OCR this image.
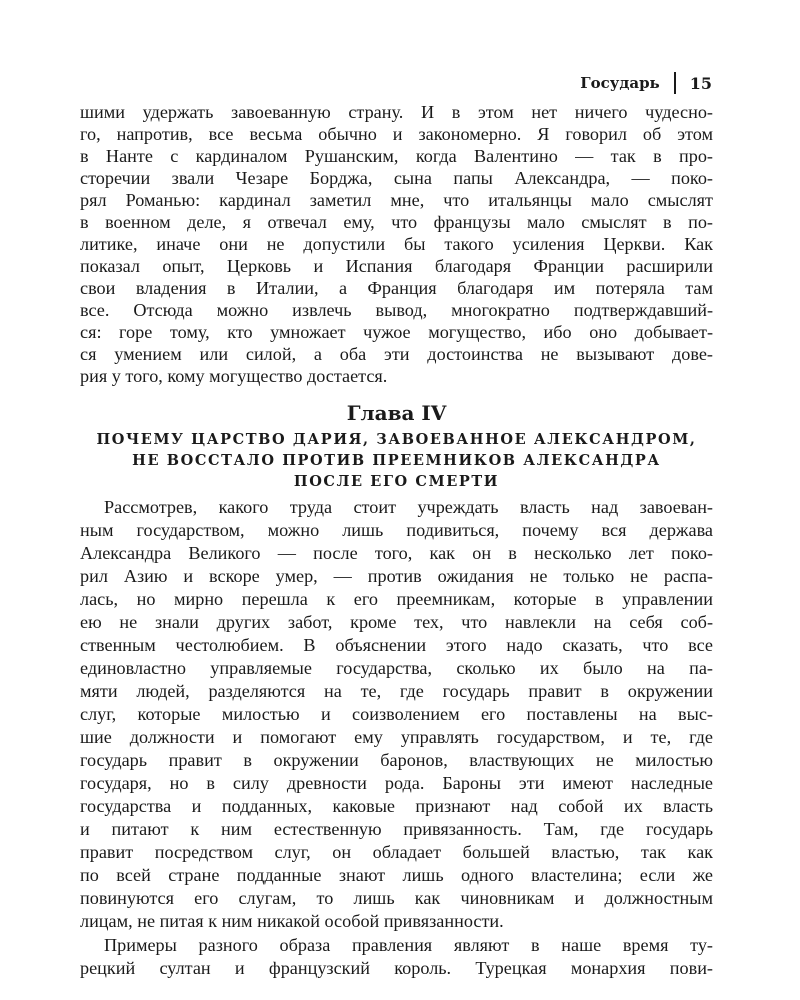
Государь 15
шими удержать завоеванную страну. И в этом нет ничего чудесно-
го, напротив, все весьма обычно и закономерно. Я говорил об этом
в Нанте с кардиналом Рушанским, когда Валентино — так в про-
сторечии звали Чезаре Борджа, сына папы Александра, — поко-
рял Романью: кардинал заметил мне, что итальянцы мало смыслят
в военном деле, я отвечал ему, что французы мало смыслят в по-
литике, иначе они не допустили бы такого усиления Церкви. Как
показал опыт, Церковь и Испания благодаря Франции расширили
свои владения в Италии, а Франция благодаря им потеряла там
все. Отсюда можно извлечь вывод, многократно подтверждавший-
ся: горе тому, кто умножает чужое могущество, ибо оно добывает-
ся умением или силой, а оба эти достоинства не вызывают дове-
рия у того, кому могущество достается.
Глава IV
ПОЧЕМУ ЦАРСТВО ДАРИЯ, ЗАВОЕВАННОЕ АЛЕКСАНДРОМ,
НЕ ВОССТАЛО ПРОТИВ ПРЕЕМНИКОВ АЛЕКСАНДРА
ПОСЛЕ ЕГО СМЕРТИ
Рассмотрев, какого труда стоит учреждать власть над завоеван-
ным государством, можно лишь подивиться, почему вся держава
Александра Великого — после того, как он в несколько лет поко-
рил Азию и вскоре умер, — против ожидания не только не распа-
лась, но мирно перешла к его преемникам, которые в управлении
ею не знали других забот, кроме тех, что навлекли на себя соб-
ственным честолюбием. В объяснении этого надо сказать, что все
единовластно управляемые государства, сколько их было на па-
мяти людей, разделяются на те, где государь правит в окружении
слуг, которые милостью и соизволением его поставлены на выс-
шие должности и помогают ему управлять государством, и те, где
государь правит в окружении баронов, властвующих не милостью
государя, но в силу древности рода. Бароны эти имеют наследные
государства и подданных, каковые признают над собой их власть
и питают к ним естественную привязанность. Там, где государь
правит посредством слуг, он обладает большей властью, так как
по всей стране подданные знают лишь одного властелина; если же
повинуются его слугам, то лишь как чиновникам и должностным
лицам, не питая к ним никакой особой привязанности.
Примеры разного образа правления являют в наше время ту-
рецкий султан и французский король. Турецкая монархия пови-
